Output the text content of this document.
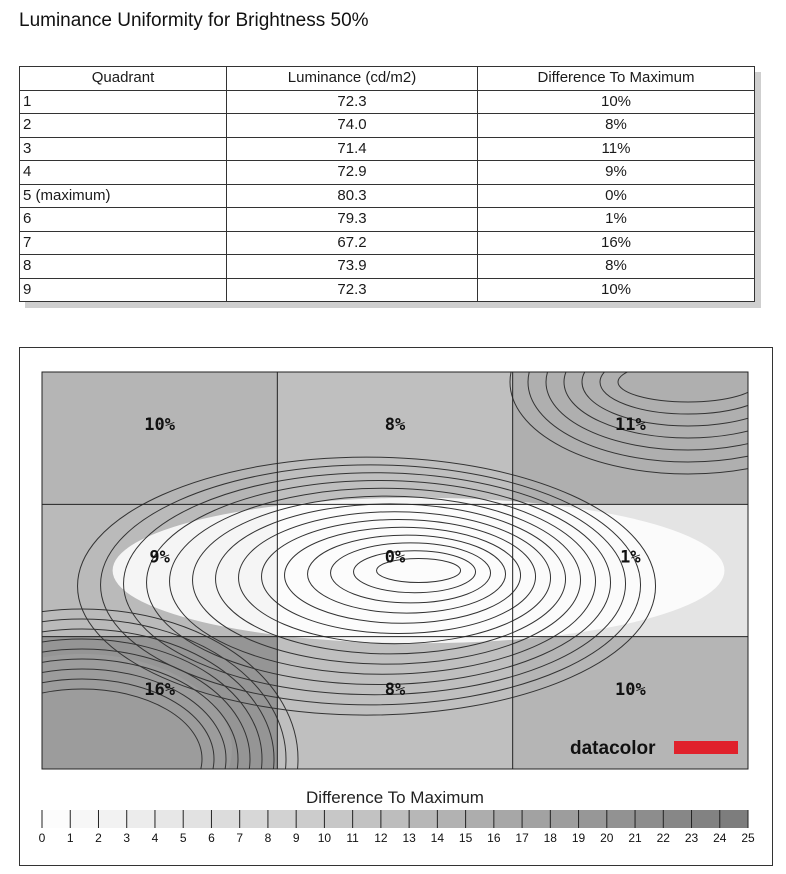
Luminance Uniformity for Brightness 50%
Quadrant	Luminance (cd/m2)	Difference To Maximum
1	72.3	10%
2	74.0	8%
3	71.4	11%
4	72.9	9%
5 (maximum)	80.3	0%
6	79.3	1%
7	67.2	16%
8	73.9	8%
9	72.3	10%
10%	8%	11%
9%	0%	1%
16%	8%	10%
datacolor
Difference To Maximum
0 1 2 3 4 5 6 7 8 9 10 11 12 13 14 15 16 17 18 19 20 21 22 23 24 25
